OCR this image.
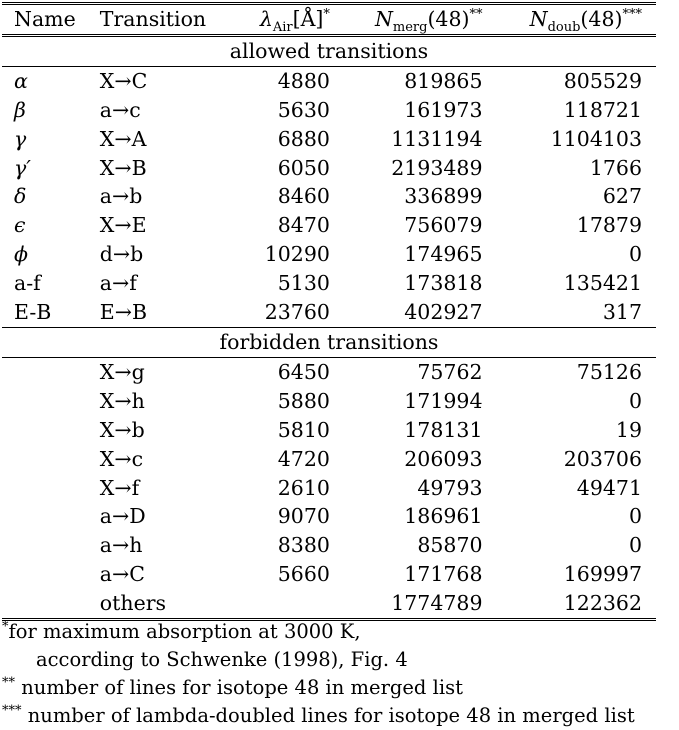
Name	Transition	$\lambda_{Air}[Å]^*$	$N_{merg}(48)^{**}$	$N_{doub}(48)^{***}$
allowed transitions				
α	X→C	4880	819865	805529
β	a→c	5630	161973	118721
γ	X→A	6880	1131194	1104103
γ′	X→B	6050	2193489	1766
δ	a→b	8460	336899	627
ϵ	X→E	8470	756079	17879
ϕ	d→b	10290	174965	0
a-f	a→f	5130	173818	135421
E-B	E→B	23760	402927	317
forbidden transitions				
	X→g	6450	75762	75126
	X→h	5880	171994	0
	X→b	5810	178131	19
	X→c	4720	206093	203706
	X→f	2610	49793	49471
	a→D	9070	186961	0
	a→h	8380	85870	0
	a→C	5660	171768	169997
	others		1774789	122362
*for maximum absorption at 3000 K,
according to Schwenke (1998), Fig. 4
** number of lines for isotope 48 in merged list
*** number of lambda-doubled lines for isotope 48 in merged list
